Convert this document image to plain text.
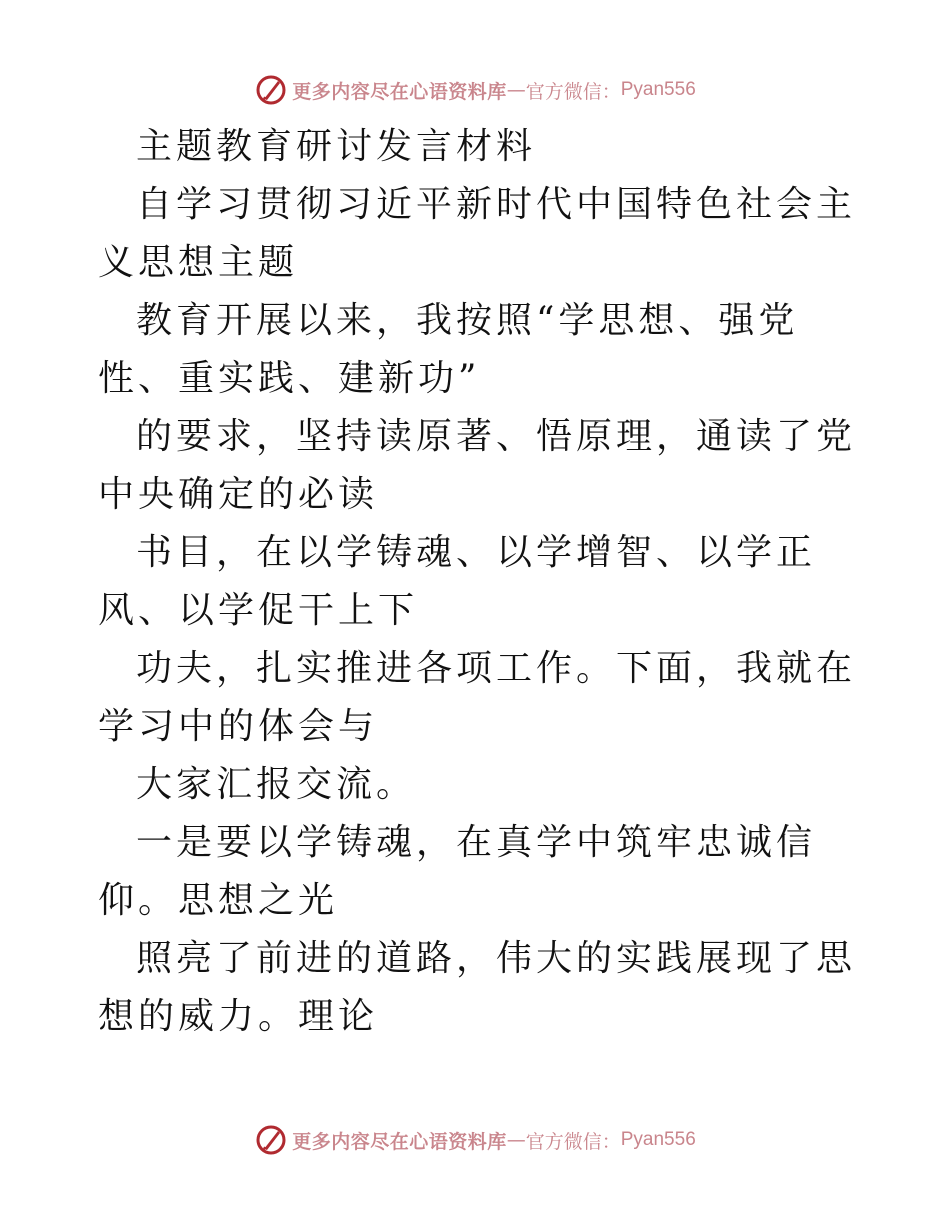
更多内容尽在心语资料库 — 官方微信： Pyan556

主题教育研讨发言材料

自学习贯彻习近平新时代中国特色社会主义思想主题

教育开展以来，我按照“学思想、强党性、重实践、建新功”

的要求，坚持读原著、悟原理，通读了党中央确定的必读

书目，在以学铸魂、以学增智、以学正风、以学促干上下

功夫，扎实推进各项工作。下面，我就在学习中的体会与

大家汇报交流。

一是要以学铸魂，在真学中筑牢忠诚信仰。思想之光

照亮了前进的道路，伟大的实践展现了思想的威力。理论

更多内容尽在心语资料库 — 官方微信： Pyan556
